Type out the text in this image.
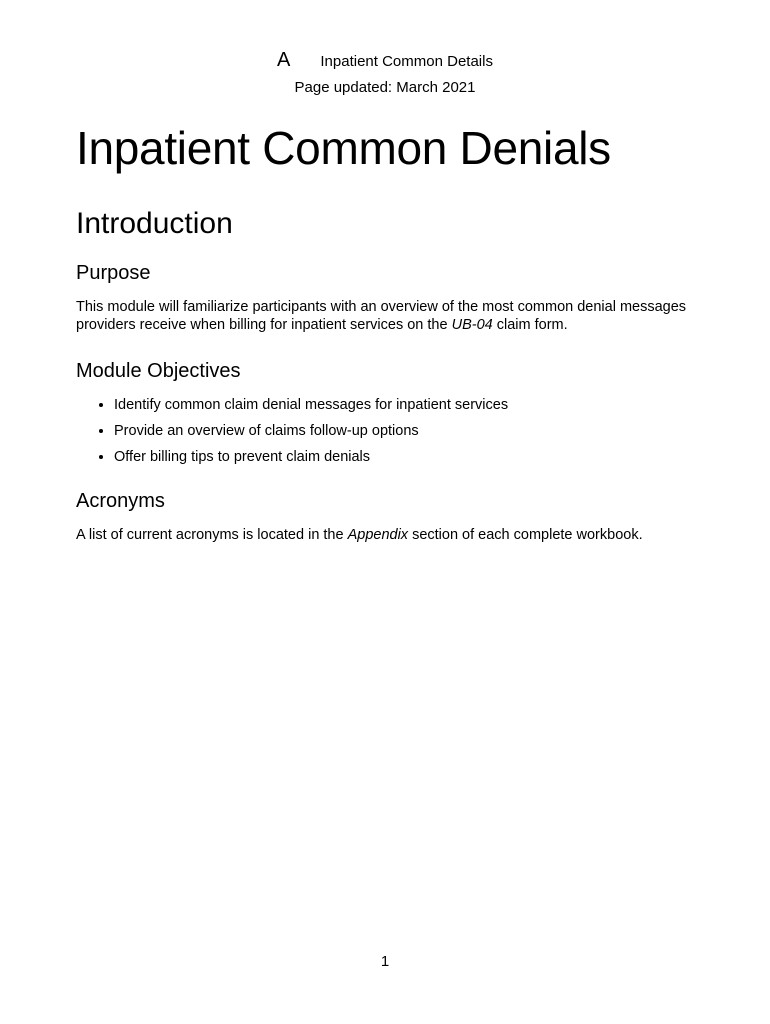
A Inpatient Common Details
Page updated: March 2021
Inpatient Common Denials
Introduction
Purpose

This module will familiarize participants with an overview of the most common denial messages providers receive when billing for inpatient services on the UB-04 claim form.

Module Objectives
• Identify common claim denial messages for inpatient services
• Provide an overview of claims follow-up options
• Offer billing tips to prevent claim denials
Acronyms

A list of current acronyms is located in the Appendix section of each complete workbook.

1
